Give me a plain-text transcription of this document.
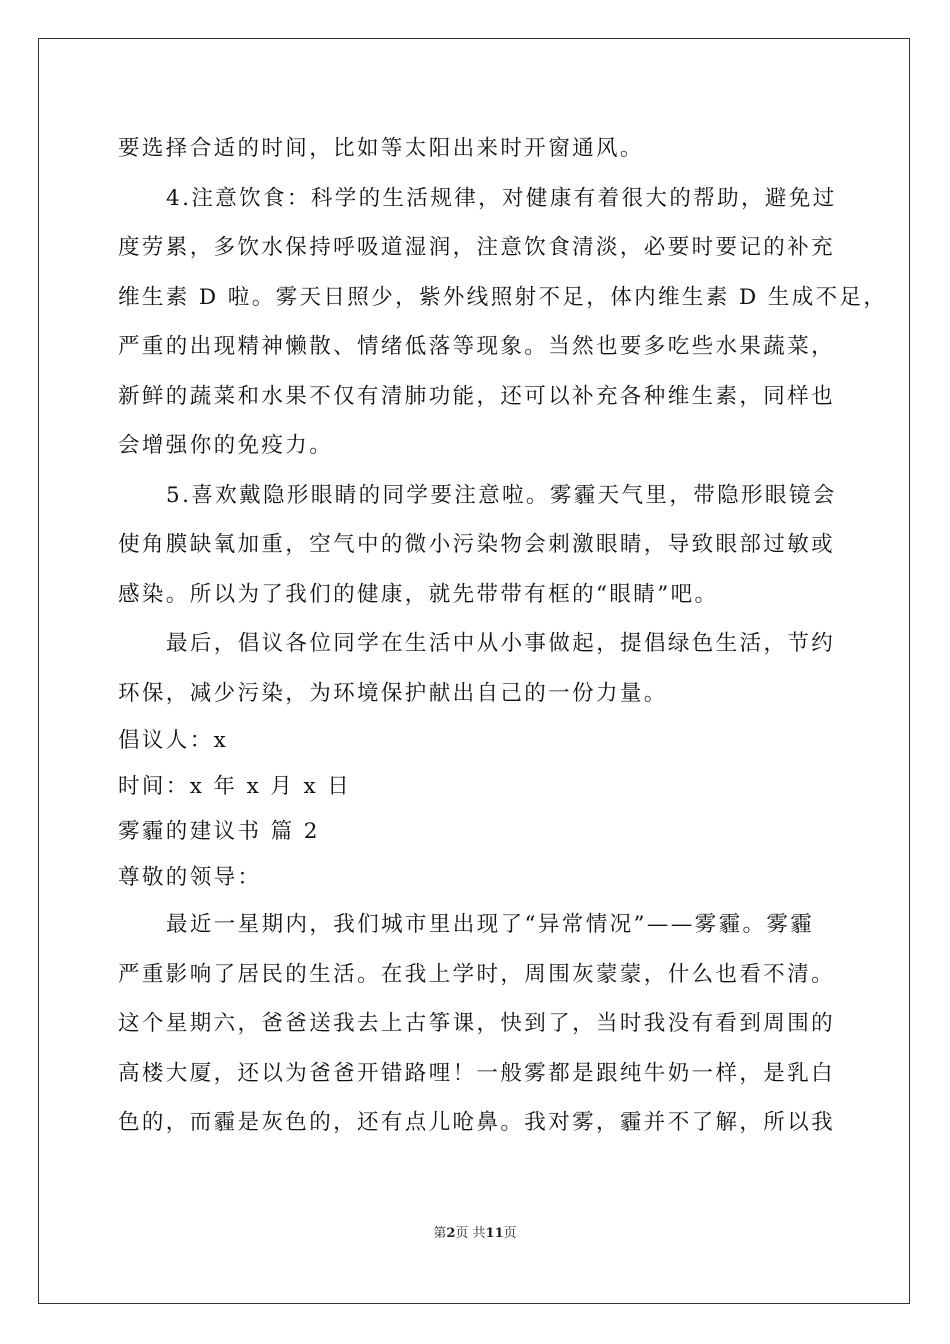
要选择合适的时间，比如等太阳出来时开窗通风。
4.注意饮食：科学的生活规律，对健康有着很大的帮助，避免过
度劳累，多饮水保持呼吸道湿润，注意饮食清淡，必要时要记的补充
维生素 D 啦。雾天日照少，紫外线照射不足，体内维生素 D 生成不足，
严重的出现精神懒散、情绪低落等现象。当然也要多吃些水果蔬菜，
新鲜的蔬菜和水果不仅有清肺功能，还可以补充各种维生素，同样也
会增强你的免疫力。
5.喜欢戴隐形眼睛的同学要注意啦。雾霾天气里，带隐形眼镜会
使角膜缺氧加重，空气中的微小污染物会刺激眼睛，导致眼部过敏或
感染。所以为了我们的健康，就先带带有框的“眼睛”吧。
最后，倡议各位同学在生活中从小事做起，提倡绿色生活，节约
环保，减少污染，为环境保护献出自己的一份力量。
倡议人：x
时间：x 年 x 月 x 日
雾霾的建议书 篇 2
尊敬的领导：
最近一星期内，我们城市里出现了“异常情况”——雾霾。雾霾
严重影响了居民的生活。在我上学时，周围灰蒙蒙，什么也看不清。
这个星期六，爸爸送我去上古筝课，快到了，当时我没有看到周围的
高楼大厦，还以为爸爸开错路哩！一般雾都是跟纯牛奶一样，是乳白
色的，而霾是灰色的，还有点儿呛鼻。我对雾，霾并不了解，所以我
第2页 共11页
